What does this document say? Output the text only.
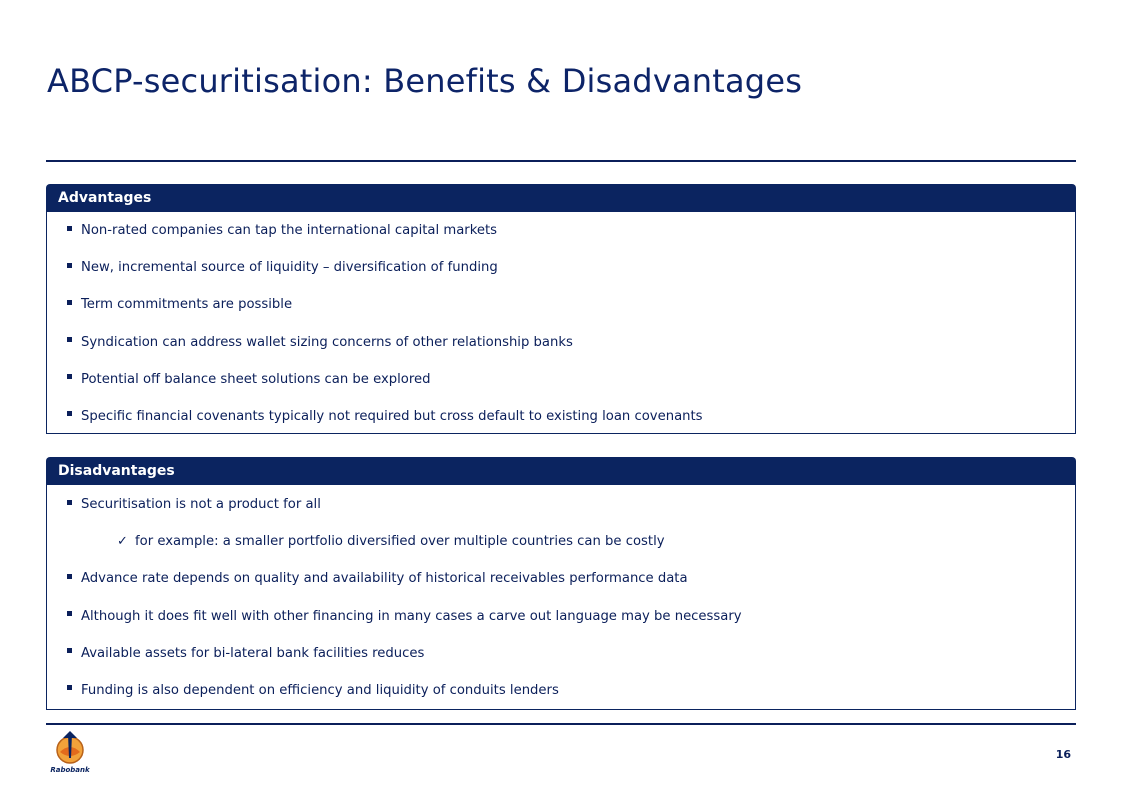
ABCP-securitisation: Benefits & Disadvantages
Advantages
Non-rated companies can tap the international capital markets
New, incremental source of liquidity – diversification of funding
Term commitments are possible
Syndication can address wallet sizing concerns of other relationship banks
Potential off balance sheet solutions can be explored
Specific financial covenants typically not required but cross default to existing loan covenants
Disadvantages
Securitisation is not a product for all
✓ for example: a smaller portfolio diversified over multiple countries can be costly
Advance rate depends on quality and availability of historical receivables performance data
Although it does fit well with other financing in many cases a carve out language may be necessary
Available assets for bi-lateral bank facilities reduces
Funding is also dependent on efficiency and liquidity of conduits lenders
Rabobank
16
